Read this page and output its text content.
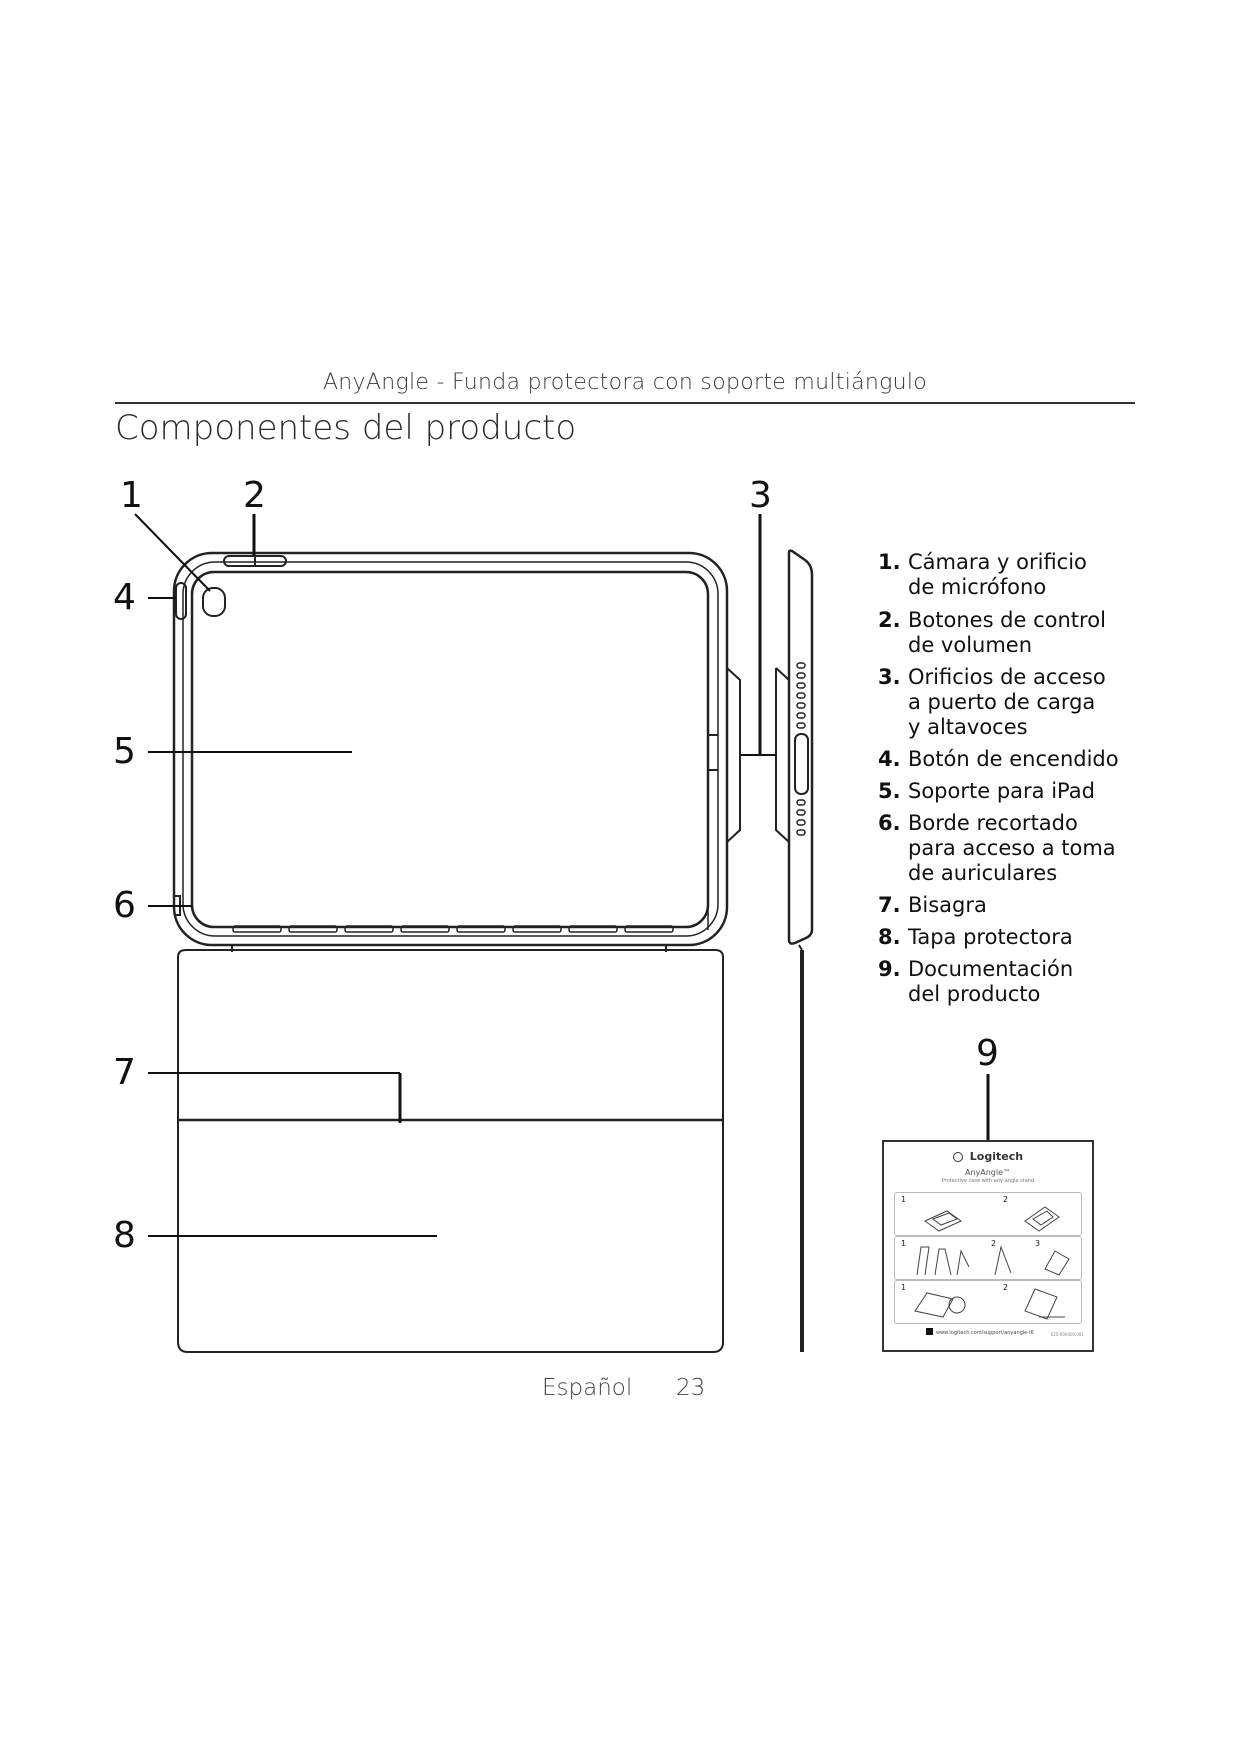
AnyAngle - Funda protectora con soporte multiángulo
Componentes del producto
1	2	3
4
5
6
7
8
9
1. Cámara y orificio de micrófono
2. Botones de control de volumen
3. Orificios de acceso a puerto de carga y altavoces
4. Botón de encendido
5. Soporte para iPad
6. Borde recortado para acceso a toma de auriculares
7. Bisagra
8. Tapa protectora
9. Documentación del producto
Logitech
AnyAngle™
Protective case with any-angle stand
1	2
1	2	3
1	2
www.logitech.com/support/anyangle-i6	620-000000.001
Español 23
